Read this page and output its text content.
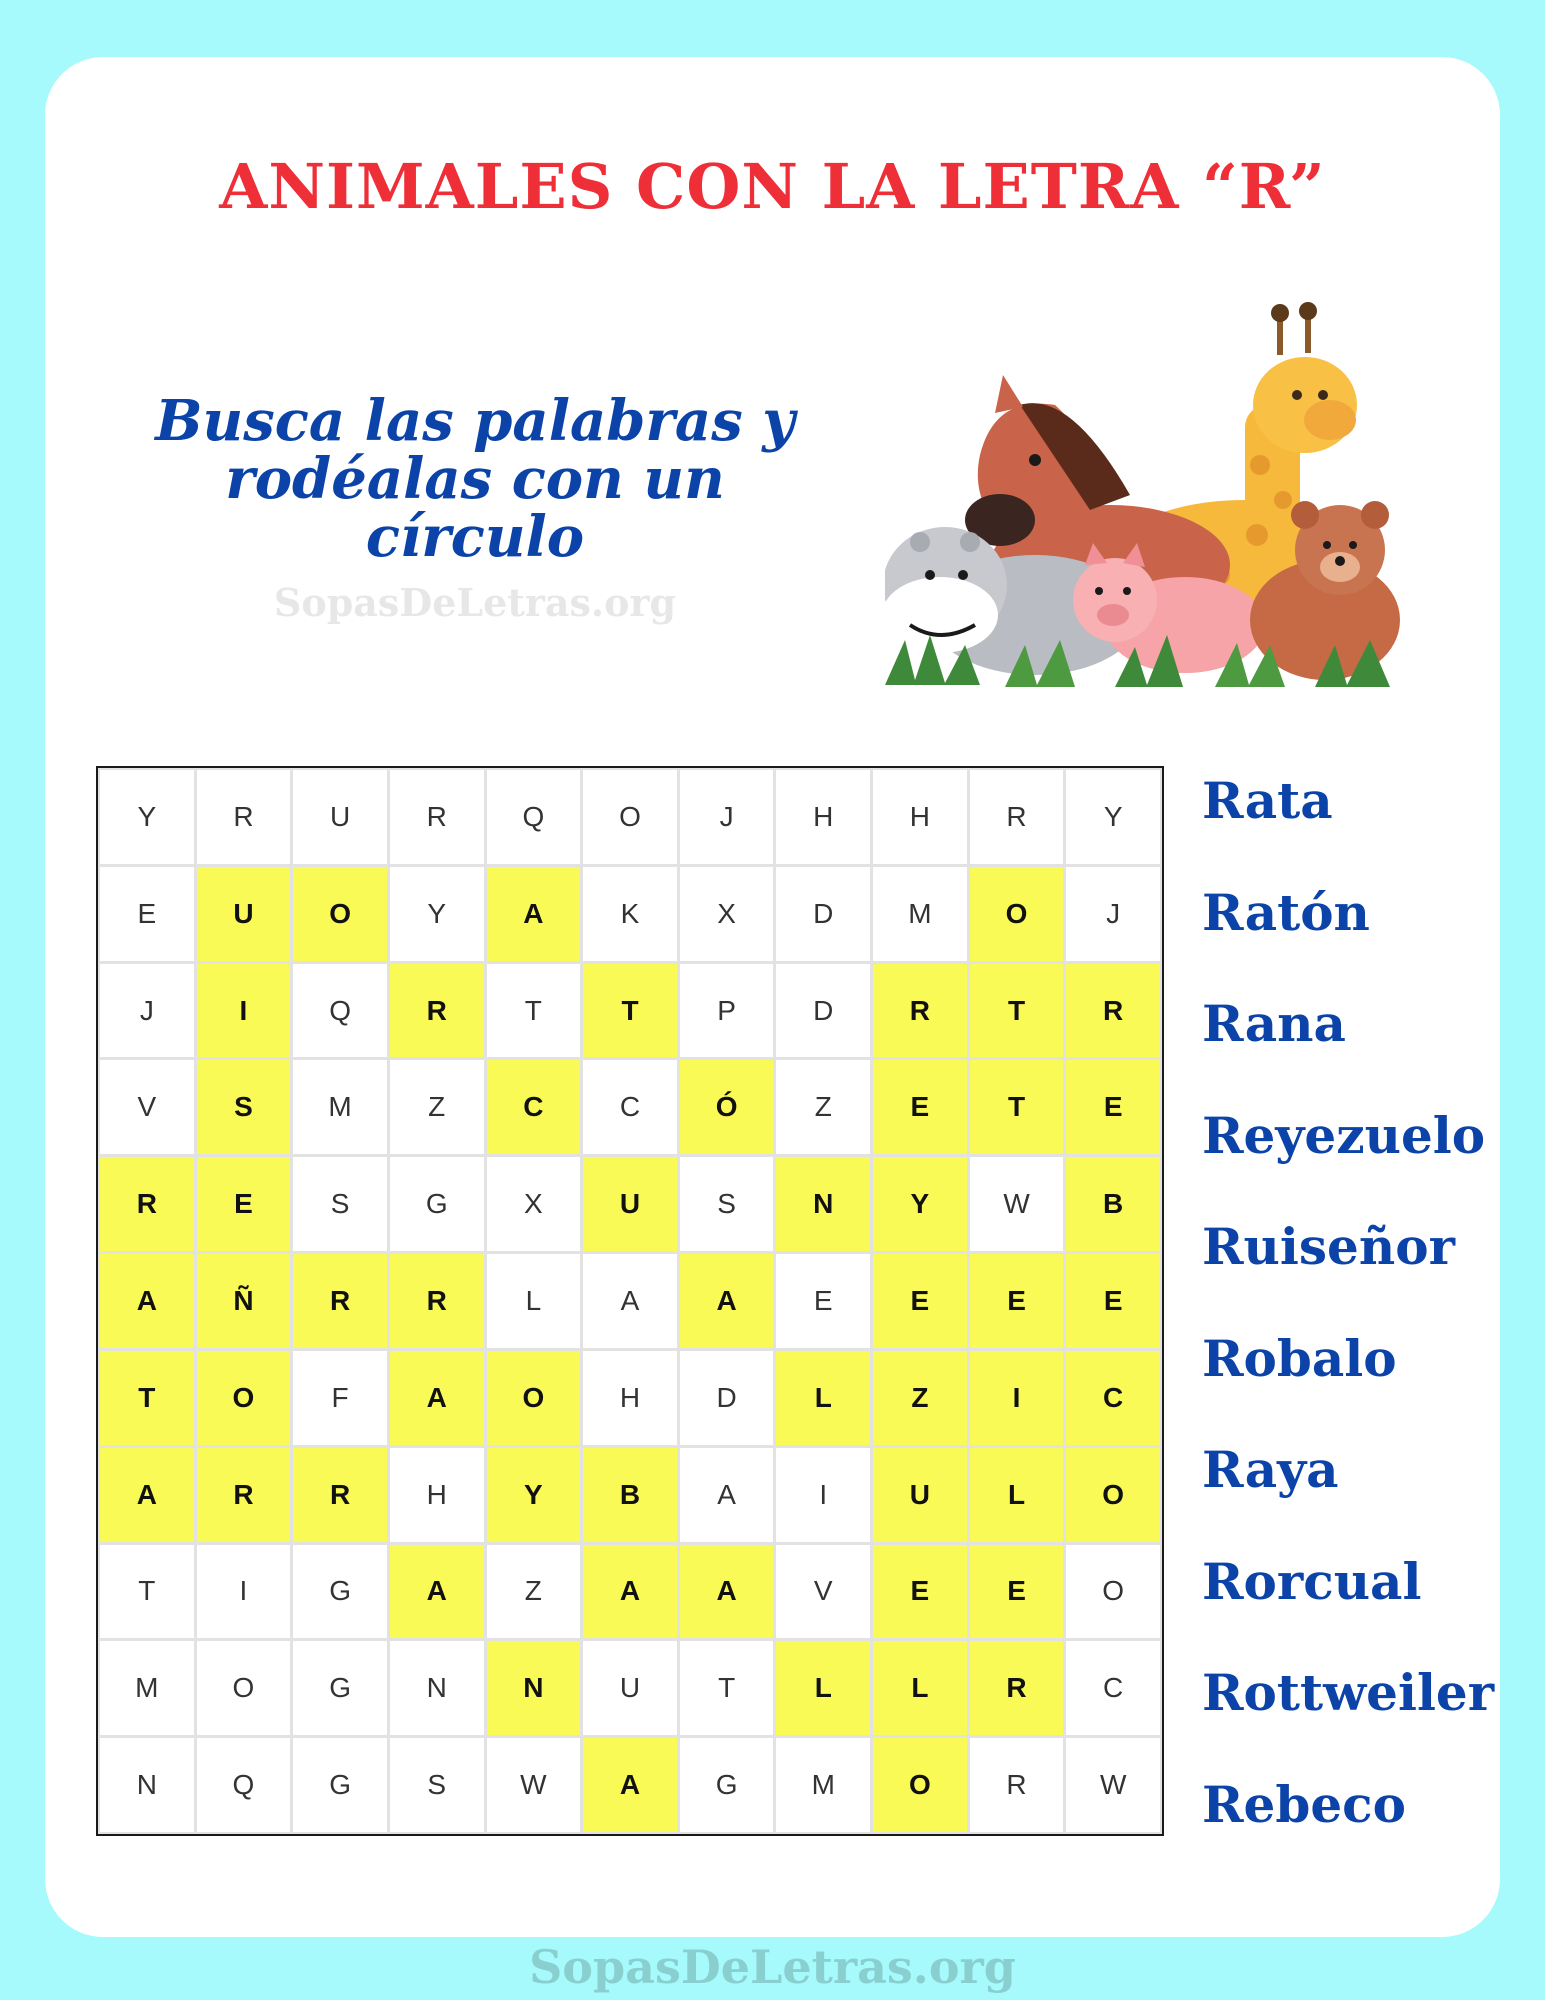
ANIMALES CON LA LETRA “R”
Busca las palabras y
rodéalas con un círculo
SopasDeLetras.org
Y	R	U	R	Q	O	J	H	H	R	Y
E	U	O	Y	A	K	X	D	M	O	J
J	I	Q	R	T	T	P	D	R	T	R
V	S	M	Z	C	C	Ó	Z	E	T	E
R	E	S	G	X	U	S	N	Y	W	B
A	Ñ	R	R	L	A	A	E	E	E	E
T	O	F	A	O	H	D	L	Z	I	C
A	R	R	H	Y	B	A	I	U	L	O
T	I	G	A	Z	A	A	V	E	E	O
M	O	G	N	N	U	T	L	L	R	C
N	Q	G	S	W	A	G	M	O	R	W
Rata
Ratón
Rana
Reyezuelo
Ruiseñor
Robalo
Raya
Rorcual
Rottweiler
Rebeco
SopasDeLetras.org
